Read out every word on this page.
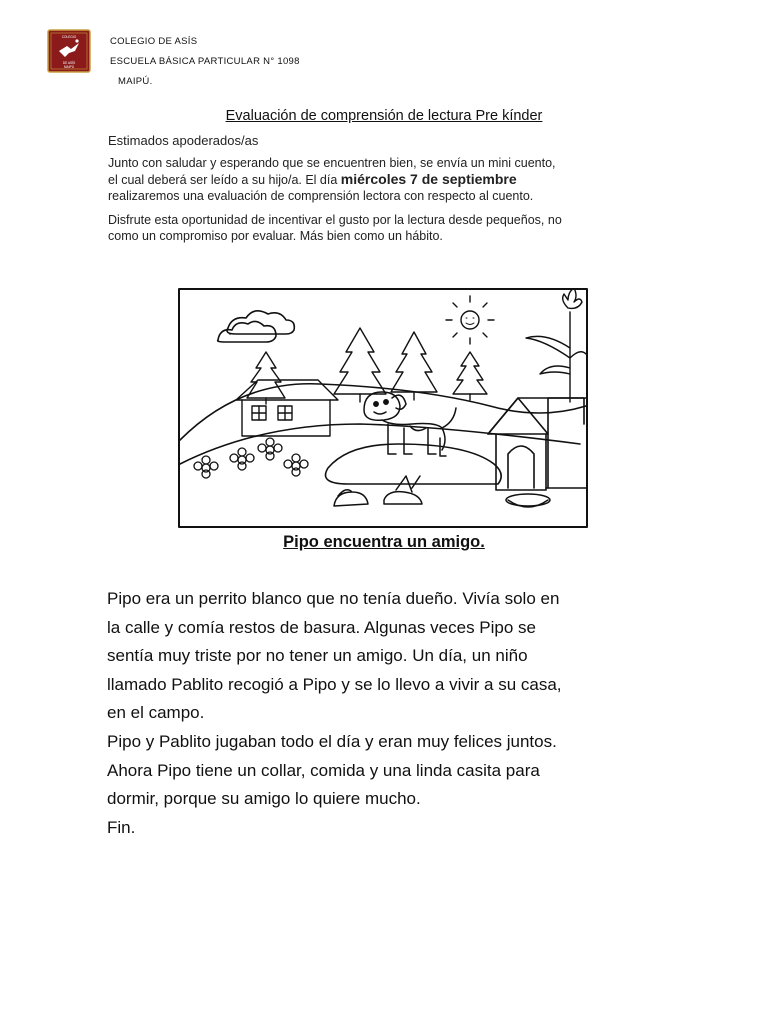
COLEGIO
DE ASÍS
MAIPÚ
COLEGIO DE ASÍS
ESCUELA BÁSICA PARTICULAR N° 1098
MAIPÚ.
Evaluación de comprensión de lectura Pre kínder
Estimados apoderados/as
Junto con saludar y esperando que se encuentren bien, se envía un mini cuento,
el cual deberá ser leído a su hijo/a. El día miércoles 7 de septiembre
realizaremos una evaluación de comprensión lectora con respecto al cuento.
Disfrute esta oportunidad de incentivar el gusto por la lectura desde pequeños, no
como un compromiso por evaluar. Más bien como un hábito.
Pipo encuentra un amigo.
Pipo era un perrito blanco que no tenía dueño. Vivía solo en
la calle y comía restos de basura. Algunas veces Pipo se
sentía muy triste por no tener un amigo. Un día, un niño
llamado Pablito recogió a Pipo y se lo llevo a vivir a su casa,
en el campo.
Pipo y Pablito jugaban todo el día y eran muy felices juntos.
Ahora Pipo tiene un collar, comida y una linda casita para
dormir, porque su amigo lo quiere mucho.
Fin.
